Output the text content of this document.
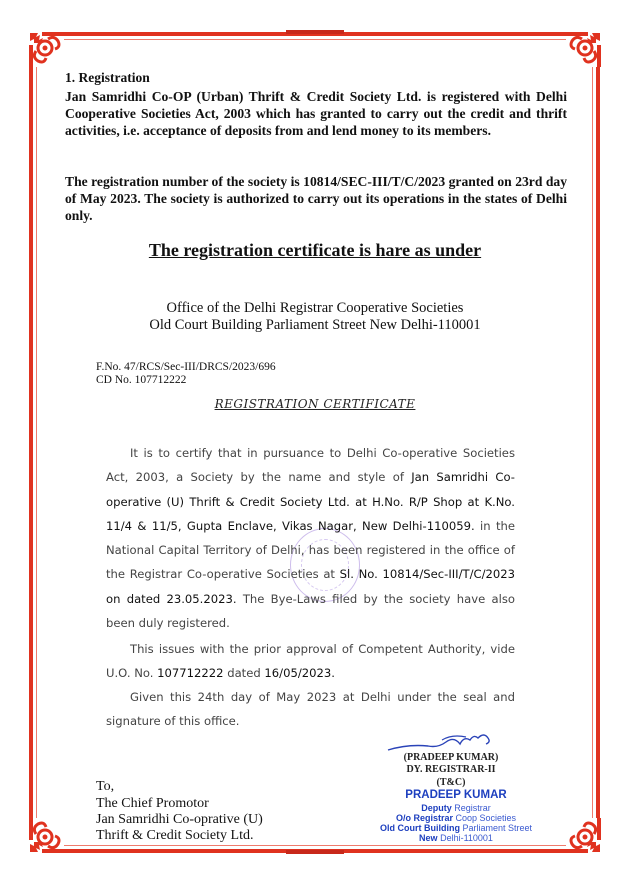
1. Registration
Jan Samridhi Co-OP (Urban) Thrift & Credit Society Ltd. is registered with Delhi Cooperative Societies Act, 2003 which has granted to carry out the credit and thrift activities, i.e. acceptance of deposits from and lend money to its members.
The registration number of the society is 10814/SEC-III/T/C/2023 granted on 23rd day of May 2023. The society is authorized to carry out its operations in the states of Delhi only.
The registration certificate is hare as under
Office of the Delhi Registrar Cooperative Societies
Old Court Building Parliament Street New Delhi-110001
F.No. 47/RCS/Sec-III/DRCS/2023/696
CD No. 107712222
REGISTRATION CERTIFICATE
It is to certify that in pursuance to Delhi Co-operative Societies Act, 2003, a Society by the name and style of Jan Samridhi Co-operative (U) Thrift & Credit Society Ltd. at H.No. R/P Shop at K.No. 11/4 & 11/5, Gupta Enclave, Vikas Nagar, New Delhi-110059. in the National Capital Territory of Delhi, has been registered in the office of the Registrar Co-operative Societies at Sl. No. 10814/Sec-III/T/C/2023 on dated 23.05.2023. The Bye-Laws filed by the society have also been duly registered.
This issues with the prior approval of Competent Authority, vide U.O. No. 107712222 dated 16/05/2023.
Given this 24th day of May 2023 at Delhi under the seal and signature of this office.
(PRADEEP KUMAR)
DY. REGISTRAR-II
(T&C)
PRADEEP KUMAR
Deputy Registrar
O/o Registrar Coop Societies
Old Court Building Parliament Street
New Delhi-110001
To,
The Chief Promotor
Jan Samridhi Co-oprative (U)
Thrift & Credit Society Ltd.
